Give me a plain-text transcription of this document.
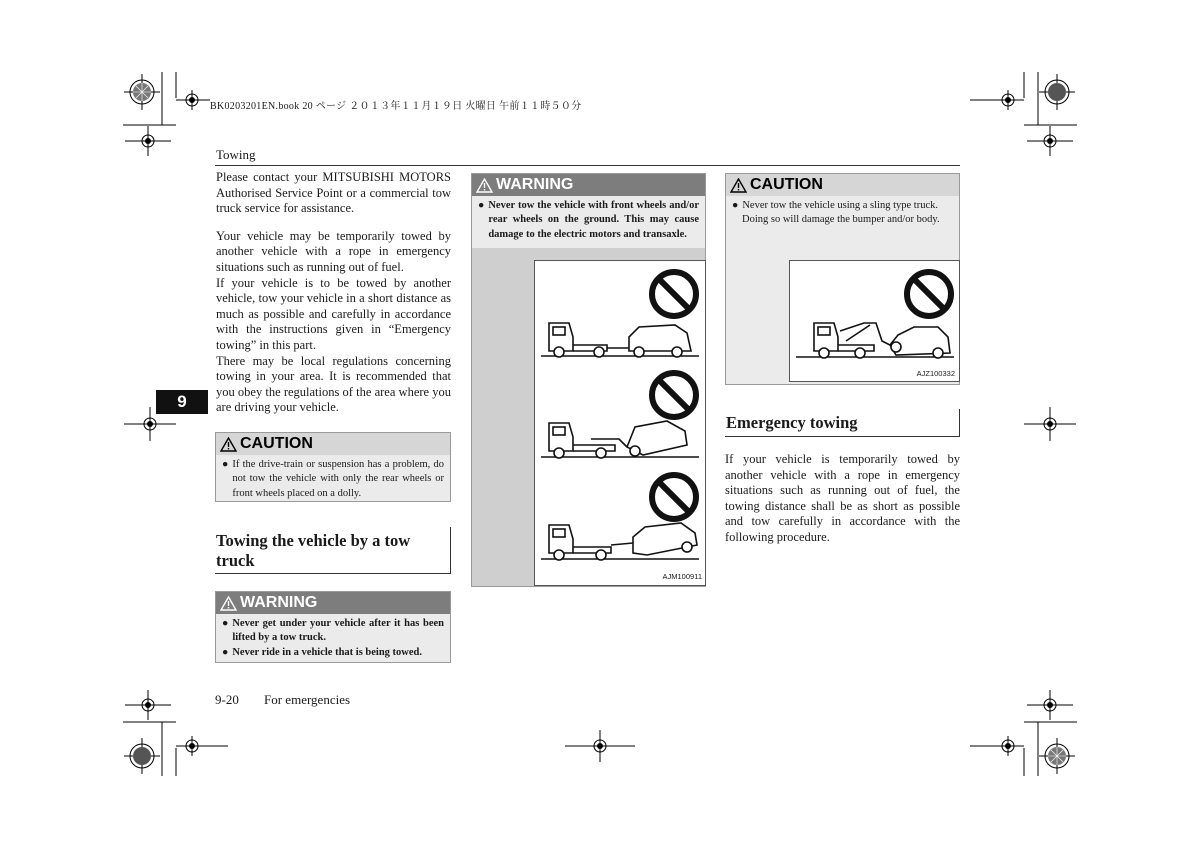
BK0203201EN.book 20 ページ ２０１３年１１月１９日 火曜日 午前１１時５０分
Towing
9

Please contact your MITSUBISHI MOTORS Authorised Service Point or a commercial tow truck service for assistance.

Your vehicle may be temporarily towed by another vehicle with a rope in emergency situations such as running out of fuel.

If your vehicle is to be towed by another vehicle, tow your vehicle in a short distance as much as possible and carefully in accordance with the instructions given in “Emergency towing” in this part.

There may be local regulations concerning towing in your area. It is recommended that you obey the regulations of the area where you are driving your vehicle.

CAUTION
● If the drive-train or suspension has a problem, do not tow the vehicle with only the rear wheels or front wheels placed on a dolly.
Towing the vehicle by a tow truck
WARNING
● Never get under your vehicle after it has been lifted by a tow truck.
● Never ride in a vehicle that is being towed.
WARNING
● Never tow the vehicle with front wheels and/or rear wheels on the ground. This may cause damage to the electric motors and transaxle.
AJM100911
CAUTION
● Never tow the vehicle using a sling type truck.
Doing so will damage the bumper and/or body.
AJZ100332
Emergency towing
If your vehicle is temporarily towed by another vehicle with a rope in emergency situations such as running out of fuel, the towing distance shall be as short as possible and tow carefully in accordance with the following procedure.
9-20 For emergencies
